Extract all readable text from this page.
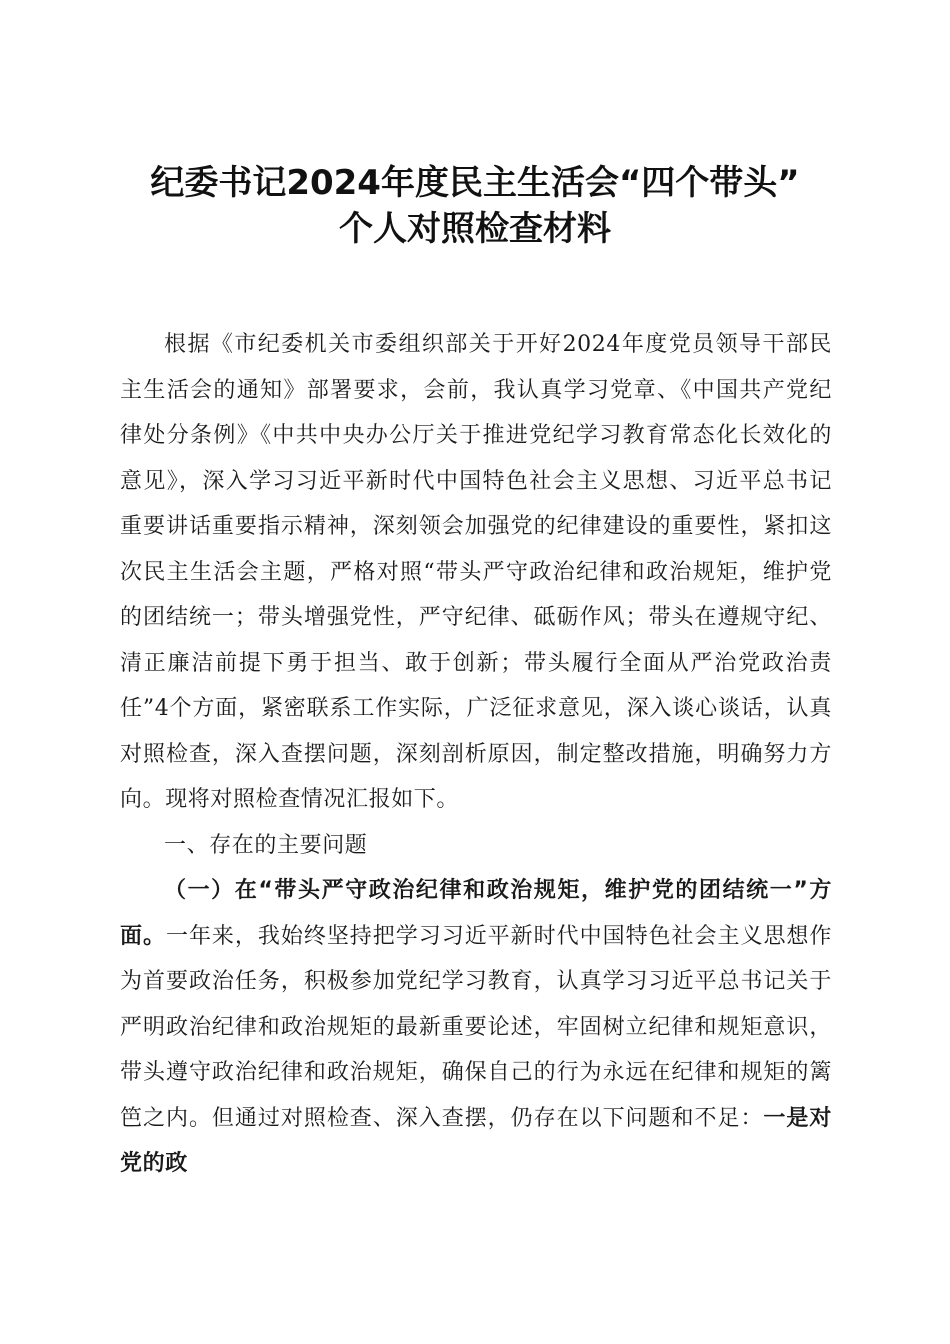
纪委书记2024年度民主生活会“四个带头”
个人对照检查材料

根据《市纪委机关市委组织部关于开好2024年度党员领导干部民主生活会的通知》部署要求，会前，我认真学习党章、《中国共产党纪律处分条例》《中共中央办公厅关于推进党纪学习教育常态化长效化的意见》，深入学习习近平新时代中国特色社会主义思想、习近平总书记重要讲话重要指示精神，深刻领会加强党的纪律建设的重要性，紧扣这次民主生活会主题，严格对照“带头严守政治纪律和政治规矩，维护党的团结统一；带头增强党性，严守纪律、砥砺作风；带头在遵规守纪、清正廉洁前提下勇于担当、敢于创新；带头履行全面从严治党政治责任”4个方面，紧密联系工作实际，广泛征求意见，深入谈心谈话，认真对照检查，深入查摆问题，深刻剖析原因，制定整改措施，明确努力方向。现将对照检查情况汇报如下。

一、存在的主要问题

（一）在“带头严守政治纪律和政治规矩，维护党的团结统一”方面。一年来，我始终坚持把学习习近平新时代中国特色社会主义思想作为首要政治任务，积极参加党纪学习教育，认真学习习近平总书记关于严明政治纪律和政治规矩的最新重要论述，牢固树立纪律和规矩意识，带头遵守政治纪律和政治规矩，确保自己的行为永远在纪律和规矩的篱笆之内。但通过对照检查、深入查摆，仍存在以下问题和不足：一是对党的政
